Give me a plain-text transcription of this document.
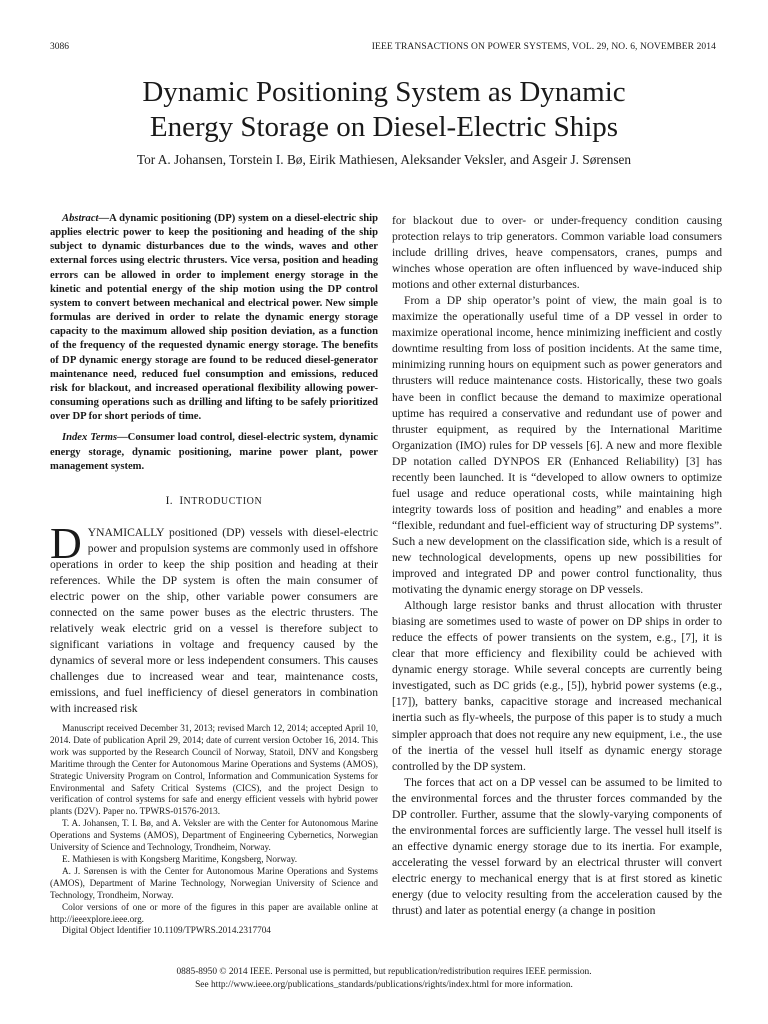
3086	IEEE TRANSACTIONS ON POWER SYSTEMS, VOL. 29, NO. 6, NOVEMBER 2014
Dynamic Positioning System as Dynamic
Energy Storage on Diesel-Electric Ships
Tor A. Johansen, Torstein I. Bø, Eirik Mathiesen, Aleksander Veksler, and Asgeir J. Sørensen

Abstract—A dynamic positioning (DP) system on a diesel-electric ship applies electric power to keep the positioning and heading of the ship subject to dynamic disturbances due to the winds, waves and other external forces using electric thrusters. Vice versa, position and heading errors can be allowed in order to implement energy storage in the kinetic and potential energy of the ship motion using the DP control system to convert between mechanical and electrical power. New simple formulas are derived in order to relate the dynamic energy storage capacity to the maximum allowed ship position deviation, as a function of the frequency of the requested dynamic energy storage. The benefits of DP dynamic energy storage are found to be reduced diesel-generator maintenance need, reduced fuel consumption and emissions, reduced risk for blackout, and increased operational flexibility allowing power-consuming operations such as drilling and lifting to be safely prioritized over DP for short periods of time.

Index Terms—Consumer load control, diesel-electric system, dynamic energy storage, dynamic positioning, marine power plant, power management system.

I. INTRODUCTION

DYNAMICALLY positioned (DP) vessels with diesel-electric power and propulsion systems are commonly used in offshore operations in order to keep the ship position and heading at their references. While the DP system is often the main consumer of electric power on the ship, other variable power consumers are connected on the same power buses as the electric thrusters. The relatively weak electric grid on a vessel is therefore subject to significant variations in voltage and frequency caused by the dynamics of several more or less independent consumers. This causes challenges due to increased wear and tear, maintenance costs, emissions, and fuel inefficiency of diesel generators in combination with increased risk

Manuscript received December 31, 2013; revised March 12, 2014; accepted April 10, 2014. Date of publication April 29, 2014; date of current version October 16, 2014. This work was supported by the Research Council of Norway, Statoil, DNV and Kongsberg Maritime through the Center for Autonomous Marine Operations and Systems (AMOS), Strategic University Program on Control, Information and Communication Systems for Environmental and Safety Critical Systems (CICS), and the project Design to verification of control systems for safe and energy efficient vessels with hybrid power plants (D2V). Paper no. TPWRS-01576-2013.

T. A. Johansen, T. I. Bø, and A. Veksler are with the Center for Autonomous Marine Operations and Systems (AMOS), Department of Engineering Cybernetics, Norwegian University of Science and Technology, Trondheim, Norway.

E. Mathiesen is with Kongsberg Maritime, Kongsberg, Norway.

A. J. Sørensen is with the Center for Autonomous Marine Operations and Systems (AMOS), Department of Marine Technology, Norwegian University of Science and Technology, Trondheim, Norway.

Color versions of one or more of the figures in this paper are available online at http://ieeexplore.ieee.org.

Digital Object Identifier 10.1109/TPWRS.2014.2317704

for blackout due to over- or under-frequency condition causing protection relays to trip generators. Common variable load consumers include drilling drives, heave compensators, cranes, pumps and winches whose operation are often influenced by wave-induced ship motions and other external disturbances.

From a DP ship operator’s point of view, the main goal is to maximize the operationally useful time of a DP vessel in order to maximize operational income, hence minimizing inefficient and costly downtime resulting from loss of position incidents. At the same time, minimizing running hours on equipment such as power generators and thrusters will reduce maintenance costs. Historically, these two goals have been in conflict because the demand to maximize operational uptime has required a conservative and redundant use of power and thruster equipment, as required by the International Maritime Organization (IMO) rules for DP vessels [6]. A new and more flexible DP notation called DYNPOS ER (Enhanced Reliability) [3] has recently been launched. It is “developed to allow owners to optimize fuel usage and reduce operational costs, while maintaining high integrity towards loss of position and heading” and enables a more “flexible, redundant and fuel-efficient way of structuring DP systems”. Such a new development on the classification side, which is a result of new technological developments, opens up new possibilities for improved and integrated DP and power control functionality, thus motivating the dynamic energy storage on DP vessels.

Although large resistor banks and thrust allocation with thruster biasing are sometimes used to waste of power on DP ships in order to reduce the effects of power transients on the system, e.g., [7], it is clear that more efficiency and flexibility could be achieved with dynamic energy storage. While several concepts are currently being investigated, such as DC grids (e.g., [5]), hybrid power systems (e.g., [17]), battery banks, capacitive storage and increased mechanical inertia such as fly-wheels, the purpose of this paper is to study a much simpler approach that does not require any new equipment, i.e., the use of the inertia of the vessel hull itself as dynamic energy storage controlled by the DP system.

The forces that act on a DP vessel can be assumed to be limited to the environmental forces and the thruster forces commanded by the DP controller. Further, assume that the slowly-varying components of the environmental forces are sufficiently large. The vessel hull itself is an effective dynamic energy storage due to its inertia. For example, accelerating the vessel forward by an electrical thruster will convert electric energy to mechanical energy that is at first stored as kinetic energy (due to velocity resulting from the acceleration caused by the thrust) and later as potential energy (a change in position

0885-8950 © 2014 IEEE. Personal use is permitted, but republication/redistribution requires IEEE permission.
See http://www.ieee.org/publications_standards/publications/rights/index.html for more information.
